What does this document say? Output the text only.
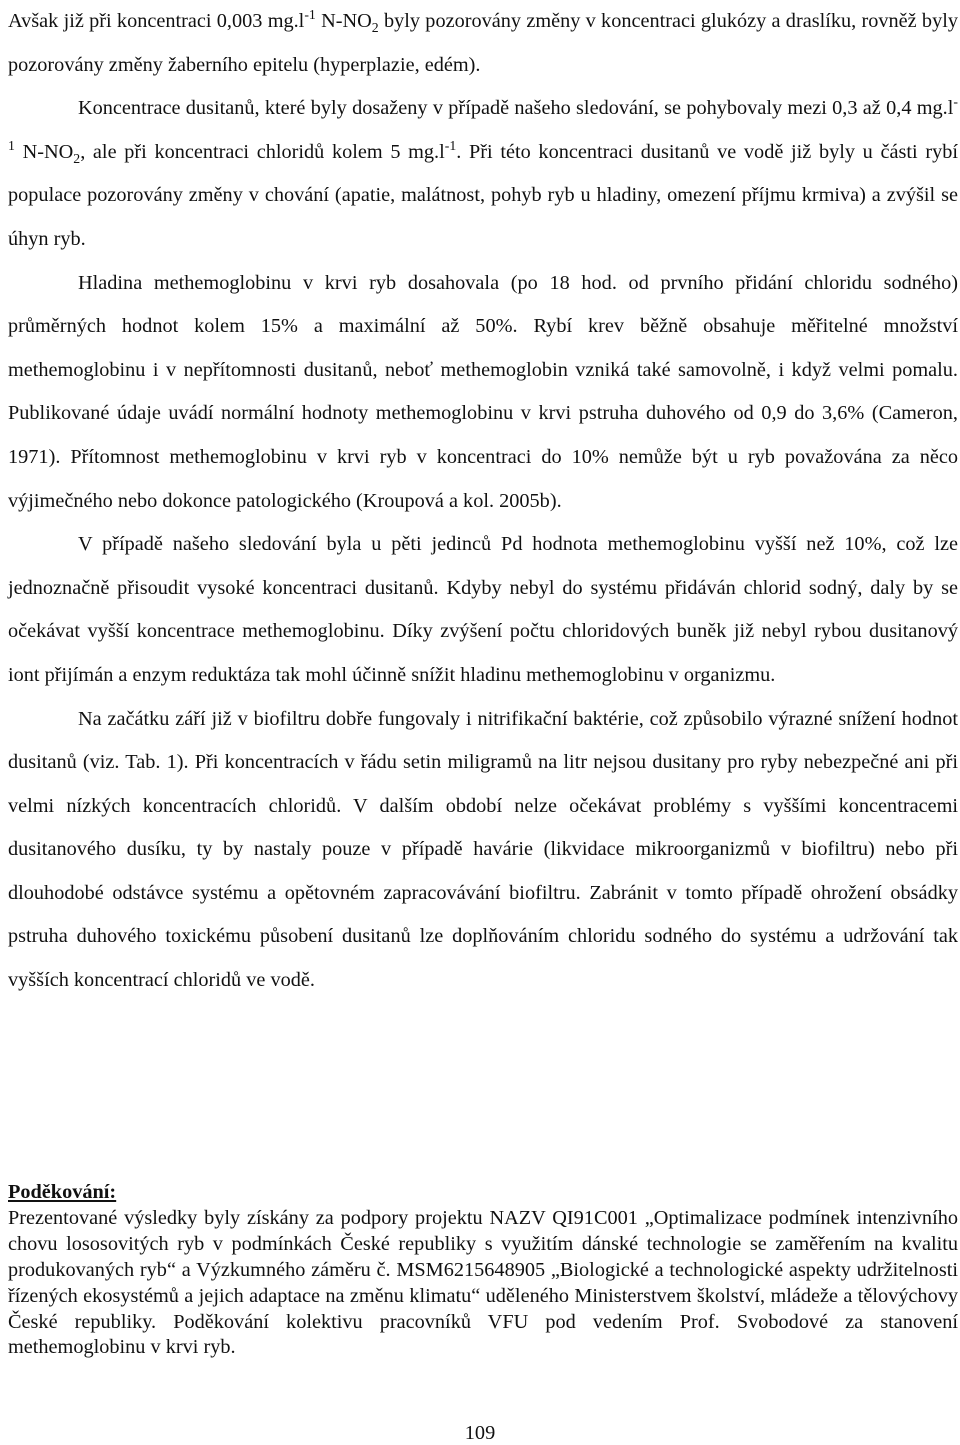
Avšak již při koncentraci 0,003 $mg.l^{-1}$ $N-NO_2$ byly pozorovány změny v koncentraci glukózy a draslíku, rovněž byly pozorovány změny žaberního epitelu (hyperplazie, edém).

Koncentrace dusitanů, které byly dosaženy v případě našeho sledování, se pohybovaly mezi 0,3 až 0,4 $mg.l^{-1}$ $N-NO_2$, ale při koncentraci chloridů kolem 5 $mg.l^{-1}$. Při této koncentraci dusitanů ve vodě již byly u části rybí populace pozorovány změny v chování (apatie, malátnost, pohyb ryb u hladiny, omezení příjmu krmiva) a zvýšil se úhyn ryb.

Hladina methemoglobinu v krvi ryb dosahovala (po 18 hod. od prvního přidání chloridu sodného) průměrných hodnot kolem 15% a maximální až 50%. Rybí krev běžně obsahuje měřitelné množství methemoglobinu i v nepřítomnosti dusitanů, neboť methemoglobin vzniká také samovolně, i když velmi pomalu. Publikované údaje uvádí normální hodnoty methemoglobinu v krvi pstruha duhového od 0,9 do 3,6% (Cameron, 1971). Přítomnost methemoglobinu v krvi ryb v koncentraci do 10% nemůže být u ryb považována za něco výjimečného nebo dokonce patologického (Kroupová a kol. 2005b).

V případě našeho sledování byla u pěti jedinců Pd hodnota methemoglobinu vyšší než 10%, což lze jednoznačně přisoudit vysoké koncentraci dusitanů. Kdyby nebyl do systému přidáván chlorid sodný, daly by se očekávat vyšší koncentrace methemoglobinu. Díky zvýšení počtu chloridových buněk již nebyl rybou dusitanový iont přijímán a enzym reduktáza tak mohl účinně snížit hladinu methemoglobinu v organizmu.

Na začátku září již v biofiltru dobře fungovaly i nitrifikační baktérie, což způsobilo výrazné snížení hodnot dusitanů (viz. Tab. 1). Při koncentracích v řádu setin miligramů na litr nejsou dusitany pro ryby nebezpečné ani při velmi nízkých koncentracích chloridů. V dalším období nelze očekávat problémy s vyššími koncentracemi dusitanového dusíku, ty by nastaly pouze v případě havárie (likvidace mikroorganizmů v biofiltru) nebo při dlouhodobé odstávce systému a opětovném zapracovávání biofiltru. Zabránit v tomto případě ohrožení obsádky pstruha duhového toxickému působení dusitanů lze doplňováním chloridu sodného do systému a udržování tak vyšších koncentrací chloridů ve vodě.

Poděkování:

Prezentované výsledky byly získány za podpory projektu NAZV QI91C001 „Optimalizace podmínek intenzivního chovu lososovitých ryb v podmínkách České republiky s využitím dánské technologie se zaměřením na kvalitu produkovaných ryb“ a Výzkumného záměru č. MSM6215648905 „Biologické a technologické aspekty udržitelnosti řízených ekosystémů a jejich adaptace na změnu klimatu“ uděleného Ministerstvem školství, mládeže a tělovýchovy České republiky. Poděkování kolektivu pracovníků VFU pod vedením Prof. Svobodové za stanovení methemoglobinu v krvi ryb.

109
